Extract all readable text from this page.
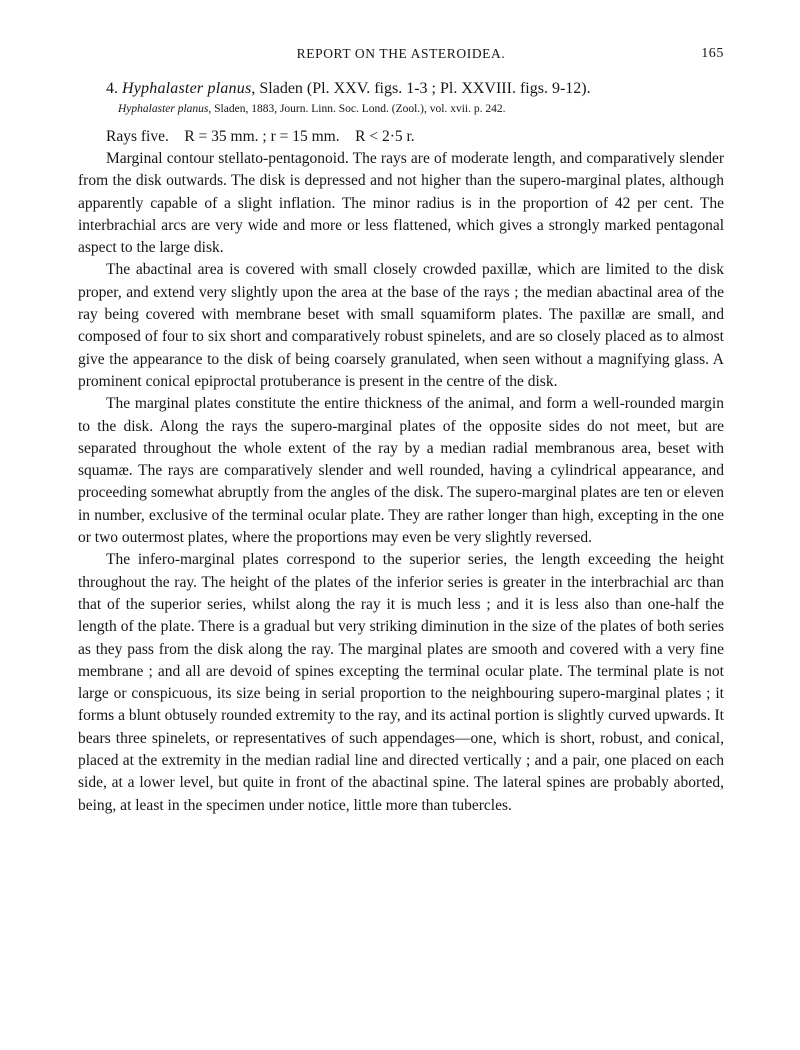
REPORT ON THE ASTEROIDEA.	165
4. Hyphalaster planus, Sladen (Pl. XXV. figs. 1-3 ; Pl. XXVIII. figs. 9-12).
Hyphalaster planus, Sladen, 1883, Journ. Linn. Soc. Lond. (Zool.), vol. xvii. p. 242.
Rays five.    R = 35 mm. ; r = 15 mm.    R < 2·5 r.

Marginal contour stellato-pentagonoid. The rays are of moderate length, and comparatively slender from the disk outwards. The disk is depressed and not higher than the supero-marginal plates, although apparently capable of a slight inflation. The minor radius is in the proportion of 42 per cent. The interbrachial arcs are very wide and more or less flattened, which gives a strongly marked pentagonal aspect to the large disk.

The abactinal area is covered with small closely crowded paxillæ, which are limited to the disk proper, and extend very slightly upon the area at the base of the rays ; the median abactinal area of the ray being covered with membrane beset with small squamiform plates. The paxillæ are small, and composed of four to six short and comparatively robust spinelets, and are so closely placed as to almost give the appearance to the disk of being coarsely granulated, when seen without a magnifying glass. A prominent conical epiproctal protuberance is present in the centre of the disk.

The marginal plates constitute the entire thickness of the animal, and form a well-rounded margin to the disk. Along the rays the supero-marginal plates of the opposite sides do not meet, but are separated throughout the whole extent of the ray by a median radial membranous area, beset with squamæ. The rays are comparatively slender and well rounded, having a cylindrical appearance, and proceeding somewhat abruptly from the angles of the disk. The supero-marginal plates are ten or eleven in number, exclusive of the terminal ocular plate. They are rather longer than high, excepting in the one or two outermost plates, where the proportions may even be very slightly reversed.

The infero-marginal plates correspond to the superior series, the length exceeding the height throughout the ray. The height of the plates of the inferior series is greater in the interbrachial arc than that of the superior series, whilst along the ray it is much less ; and it is less also than one-half the length of the plate. There is a gradual but very striking diminution in the size of the plates of both series as they pass from the disk along the ray. The marginal plates are smooth and covered with a very fine membrane ; and all are devoid of spines excepting the terminal ocular plate. The terminal plate is not large or conspicuous, its size being in serial proportion to the neighbouring supero-marginal plates ; it forms a blunt obtusely rounded extremity to the ray, and its actinal portion is slightly curved upwards. It bears three spinelets, or representatives of such appendages—one, which is short, robust, and conical, placed at the extremity in the median radial line and directed vertically ; and a pair, one placed on each side, at a lower level, but quite in front of the abactinal spine. The lateral spines are probably aborted, being, at least in the specimen under notice, little more than tubercles.
